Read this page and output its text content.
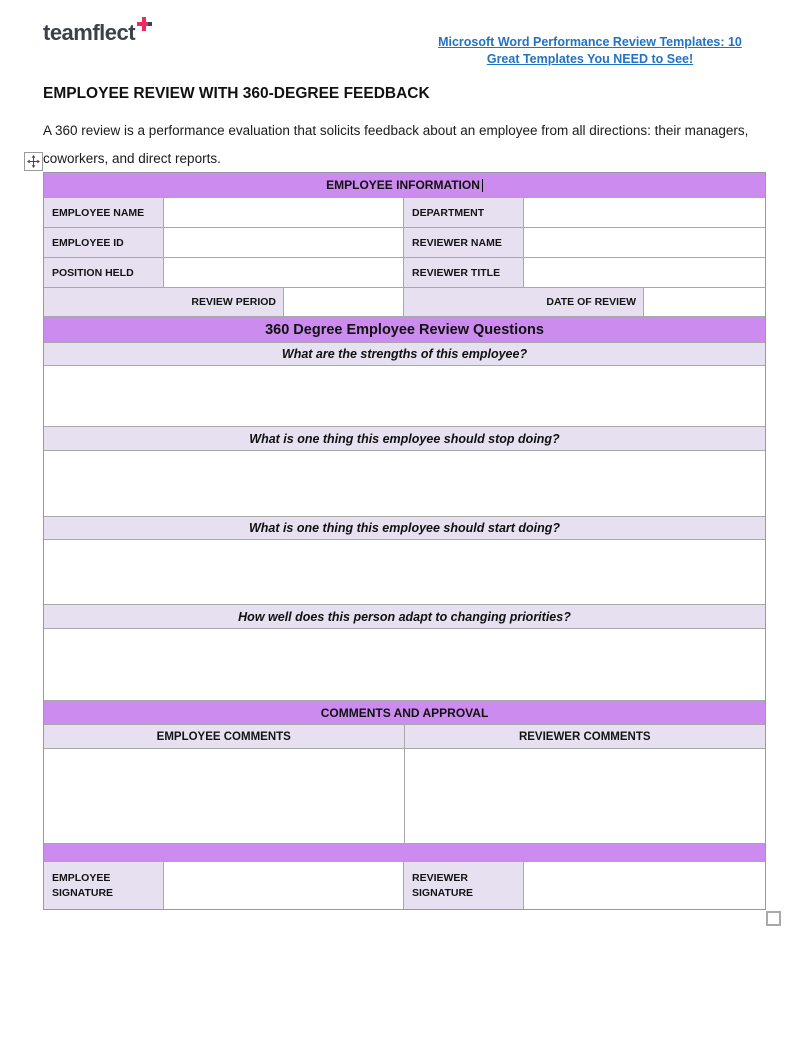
teamflect	Microsoft Word Performance Review Templates: 10
Great Templates You NEED to See!
EMPLOYEE REVIEW WITH 360-DEGREE FEEDBACK
A 360 review is a performance evaluation that solicits feedback about an employee from all directions: their managers,
coworkers, and direct reports.
EMPLOYEE INFORMATION
EMPLOYEE NAME	DEPARTMENT
EMPLOYEE ID	REVIEWER NAME
POSITION HELD	REVIEWER TITLE
REVIEW PERIOD	DATE OF REVIEW
360 Degree Employee Review Questions
What are the strengths of this employee?
What is one thing this employee should stop doing?
What is one thing this employee should start doing?
How well does this person adapt to changing priorities?
COMMENTS AND APPROVAL
EMPLOYEE COMMENTS	REVIEWER COMMENTS
EMPLOYEE SIGNATURE
REVIEWER SIGNATURE
